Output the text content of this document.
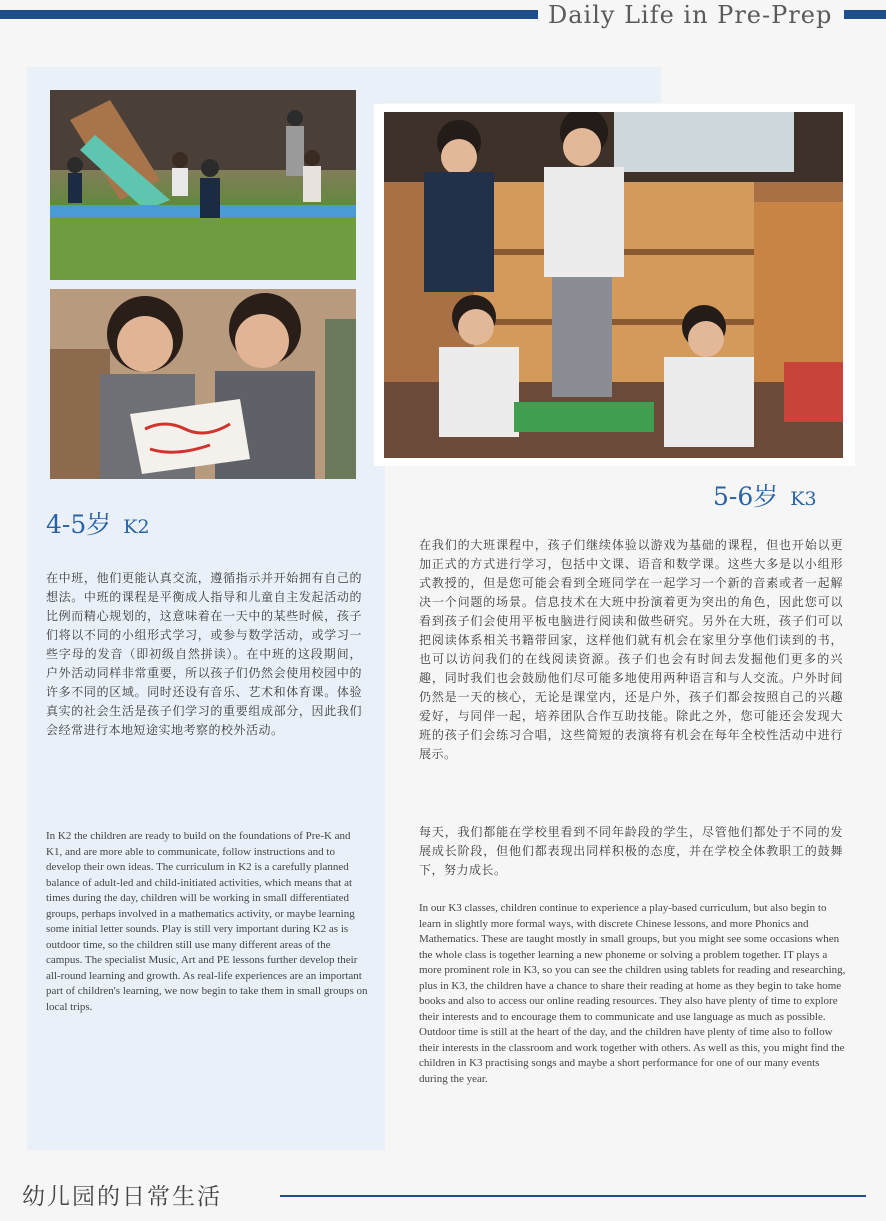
Daily Life in Pre-Prep
4-5岁 K2
在中班，他们更能认真交流，遵循指示并开始拥有自己的想法。中班的课程是平衡成人指导和儿童自主发起活动的比例而精心规划的，这意味着在一天中的某些时候，孩子们将以不同的小组形式学习，或参与数学活动，或学习一些字母的发音（即初级自然拼读）。在中班的这段期间，户外活动同样非常重要，所以孩子们仍然会使用校园中的许多不同的区域。同时还设有音乐、艺术和体育课。体验真实的社会生活是孩子们学习的重要组成部分，因此我们会经常进行本地短途实地考察的校外活动。
In K2 the children are ready to build on the foundations of Pre-K and K1, and are more able to communicate, follow instructions and to develop their own ideas. The curriculum in K2 is a carefully planned balance of adult-led and child-initiated activities, which means that at times during the day, children will be working in small differentiated groups, perhaps involved in a mathematics activity, or maybe learning some initial letter sounds. Play is still very important during K2 as is outdoor time, so the children still use many different areas of the campus. The specialist Music, Art and PE lessons further develop their all-round learning and growth. As real-life experiences are an important part of children's learning, we now begin to take them in small groups on local trips.
5-6岁 K3
在我们的大班课程中，孩子们继续体验以游戏为基础的课程，但也开始以更加正式的方式进行学习，包括中文课、语音和数学课。这些大多是以小组形式教授的，但是您可能会看到全班同学在一起学习一个新的音素或者一起解决一个问题的场景。信息技术在大班中扮演着更为突出的角色，因此您可以看到孩子们会使用平板电脑进行阅读和做些研究。另外在大班，孩子们可以把阅读体系相关书籍带回家，这样他们就有机会在家里分享他们读到的书，也可以访问我们的在线阅读资源。孩子们也会有时间去发掘他们更多的兴趣，同时我们也会鼓励他们尽可能多地使用两种语言和与人交流。户外时间仍然是一天的核心，无论是课堂内，还是户外，孩子们都会按照自己的兴趣爱好，与同伴一起，培养团队合作互助技能。除此之外，您可能还会发现大班的孩子们会练习合唱，这些简短的表演将有机会在每年全校性活动中进行展示。
每天，我们都能在学校里看到不同年龄段的学生，尽管他们都处于不同的发展成长阶段，但他们都表现出同样积极的态度，并在学校全体教职工的鼓舞下，努力成长。
In our K3 classes, children continue to experience a play-based curriculum, but also begin to learn in slightly more formal ways, with discrete Chinese lessons, and more Phonics and Mathematics. These are taught mostly in small groups, but you might see some occasions when the whole class is together learning a new phoneme or solving a problem together. IT plays a more prominent role in K3, so you can see the children using tablets for reading and researching, plus in K3, the children have a chance to share their reading at home as they begin to take home books and also to access our online reading resources. They also have plenty of time to explore their interests and to encourage them to communicate and use language as much as possible. Outdoor time is still at the heart of the day, and the children have plenty of time also to follow their interests in the classroom and work together with others. As well as this, you might find the children in K3 practising songs and maybe a short performance for one of our many events during the year.
幼儿园的日常生活
